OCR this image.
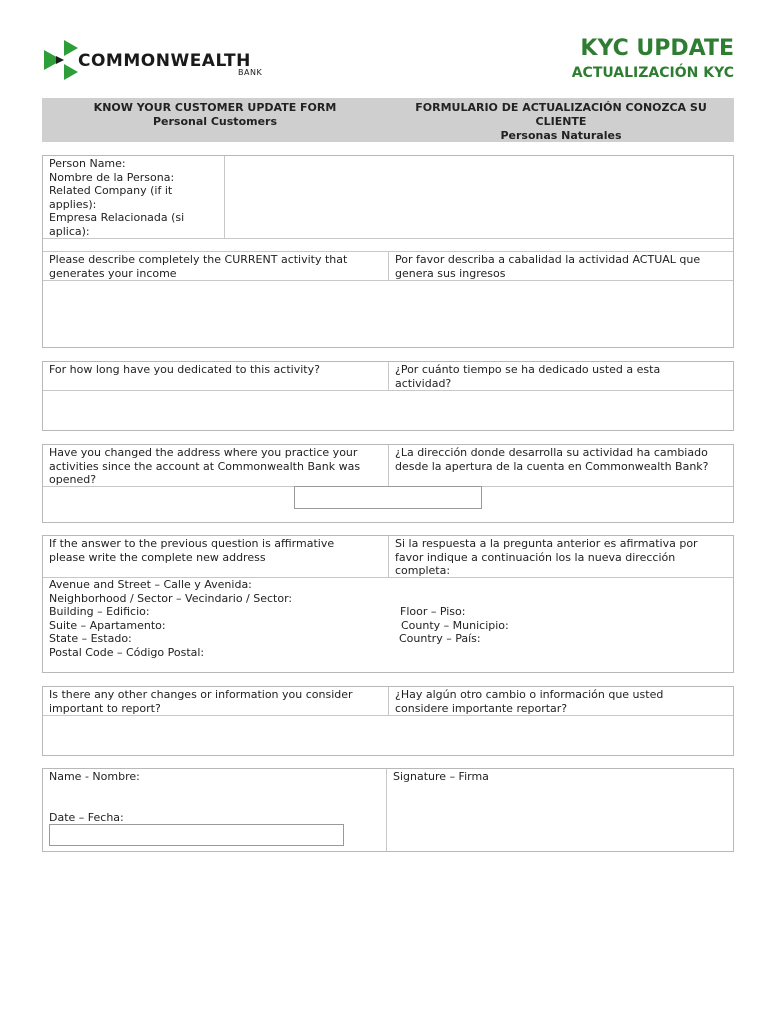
COMMONWEALTH
BANK
KYC UPDATE
ACTUALIZACIÓN KYC
KNOW YOUR CUSTOMER UPDATE FORM
Personal Customers
FORMULARIO DE ACTUALIZACIÓN CONOZCA SU
CLIENTE
Personas Naturales
Person Name:
Nombre de la Persona:
Related Company (if it
applies):
Empresa Relacionada (si
aplica):
Please describe completely the CURRENT activity that
generates your income
Por favor describa a cabalidad la actividad ACTUAL que
genera sus ingresos
For how long have you dedicated to this activity?	¿Por cuánto tiempo se ha dedicado usted a esta
actividad?
Have you changed the address where you practice your
activities since the account at Commonwealth Bank was
opened?
¿La dirección donde desarrolla su actividad ha cambiado
desde la apertura de la cuenta en Commonwealth Bank?
If the answer to the previous question is affirmative
please write the complete new address
Si la respuesta a la pregunta anterior es afirmativa por
favor indique a continuación los la nueva dirección
completa:
Avenue and Street – Calle y Avenida:
Neighborhood / Sector – Vecindario / Sector:
Building – Edificio:
Suite – Apartamento:
State – Estado:
Postal Code – Código Postal:
Floor – Piso:
County – Municipio:
Country – País:
Is there any other changes or information you consider
important to report?
¿Hay algún otro cambio o información que usted
considere importante reportar?
Name - Nombre:
Date – Fecha:
Signature – Firma
